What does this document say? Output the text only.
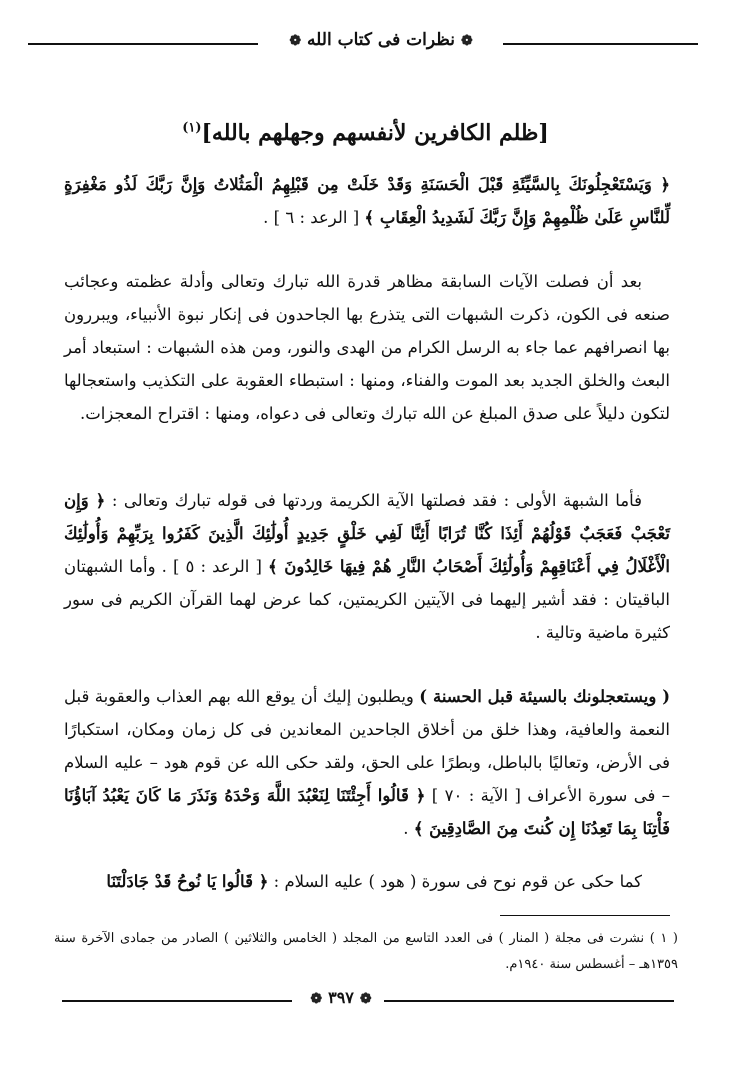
❁نظرات فى كتاب الله❁
[ظلم الكافرين لأنفسهم وجهلهم بالله]$^{(١)}$

﴿ وَيَسْتَعْجِلُونَكَ بِالسَّيِّئَةِ قَبْلَ الْحَسَنَةِ وَقَدْ خَلَتْ مِن قَبْلِهِمُ الْمَثُلاتُ وَإِنَّ رَبَّكَ لَذُو مَغْفِرَةٍ لِّلنَّاسِ عَلَىٰ ظُلْمِهِمْ وَإِنَّ رَبَّكَ لَشَدِيدُ الْعِقَابِ ﴾ [ الرعد : ٦ ] .

بعد أن فصلت الآيات السابقة مظاهر قدرة الله تبارك وتعالى وأدلة عظمته وعجائب صنعه فى الكون، ذكرت الشبهات التى يتذرع بها الجاحدون فى إنكار نبوة الأنبياء، ويبررون بها انصرافهم عما جاء به الرسل الكرام من الهدى والنور، ومن هذه الشبهات : استبعاد أمر البعث والخلق الجديد بعد الموت والفناء، ومنها : استبطاء العقوبة على التكذيب واستعجالها لتكون دليلاً على صدق المبلغ عن الله تبارك وتعالى فى دعواه، ومنها : اقتراح المعجزات.

فأما الشبهة الأولى : فقد فصلتها الآية الكريمة وردتها فى قوله تبارك وتعالى : ﴿ وَإِن تَعْجَبْ فَعَجَبٌ قَوْلُهُمْ أَئِذَا كُنَّا تُرَابًا أَئِنَّا لَفِي خَلْقٍ جَدِيدٍ أُولَٰئِكَ الَّذِينَ كَفَرُوا بِرَبِّهِمْ وَأُولَٰئِكَ الْأَغْلَالُ فِي أَعْنَاقِهِمْ وَأُولَٰئِكَ أَصْحَابُ النَّارِ هُمْ فِيهَا خَالِدُونَ ﴾ [ الرعد : ٥ ] . وأما الشبهتان الباقيتان : فقد أشير إليهما فى الآيتين الكريمتين، كما عرض لهما القرآن الكريم فى سور كثيرة ماضية وتالية .

( ويستعجلونك بالسيئة قبل الحسنة ) ويطلبون إليك أن يوقع الله بهم العذاب والعقوبة قبل النعمة والعافية، وهذا خلق من أخلاق الجاحدين المعاندين فى كل زمان ومكان، استكبارًا فى الأرض، وتعاليًا بالباطل، وبطرًا على الحق، ولقد حكى الله عن قوم هود – عليه السلام – فى سورة الأعراف [ الآية : ٧٠ ] ﴿ قَالُوا أَجِئْتَنَا لِنَعْبُدَ اللَّهَ وَحْدَهُ وَنَذَرَ مَا كَانَ يَعْبُدُ آبَاؤُنَا فَأْتِنَا بِمَا تَعِدُنَا إِن كُنتَ مِنَ الصَّادِقِينَ ﴾ .

كما حكى عن قوم نوح فى سورة ( هود ) عليه السلام : ﴿ قَالُوا يَا نُوحُ قَدْ جَادَلْتَنَا

( ١ ) نشرت فى مجلة ( المنار ) فى العدد التاسع من المجلد ( الخامس والثلاثين ) الصادر من جمادى الآخرة سنة ١٣٥٩هـ – أغسطس سنة ١٩٤٠م.
❁٣٩٧❁
